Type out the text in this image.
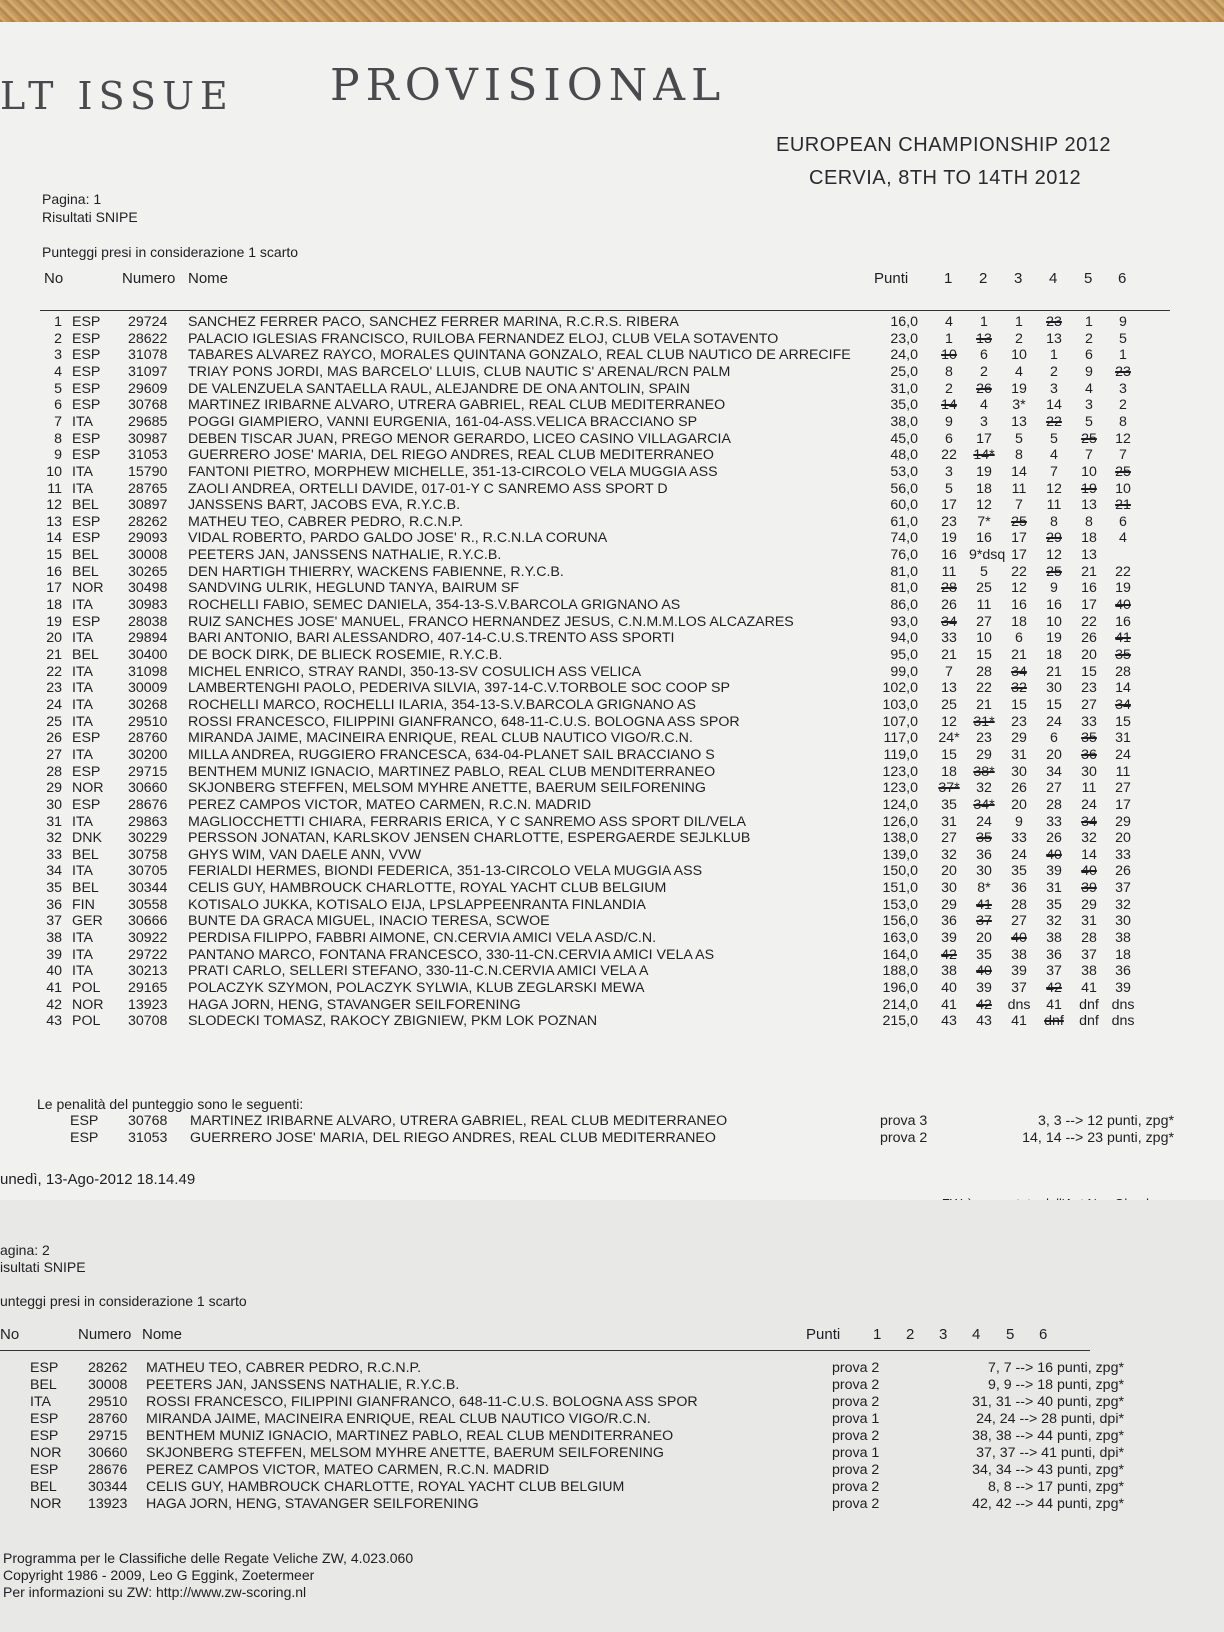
LT ISSUE PROVISIONAL
EUROPEAN CHAMPIONSHIP 2012
CERVIA, 8TH TO 14TH 2012
Pagina: 1
Risultati SNIPE
Punteggi presi in considerazione 1 scarto
No	Numero Nome	Punti 1 2 3 4 5 6
1 ESP 29724 SANCHEZ FERRER PACO, SANCHEZ FERRER MARINA, R.C.R.S. RIBERA	16,0	4	1	1	23	1	9
2 ESP 28622 PALACIO IGLESIAS FRANCISCO, RUILOBA FERNANDEZ ELOJ, CLUB VELA SOTAVENTO	23,0	1	13	2	13	2	5
3 ESP 31078 TABARES ALVAREZ RAYCO, MORALES QUINTANA GONZALO, REAL CLUB NAUTICO DE ARRECIFE	24,0	10	6	10	1	6	1
4 ESP 31097 TRIAY PONS JORDI, MAS BARCELO' LLUIS, CLUB NAUTIC S' ARENAL/RCN PALM	25,0	8	2	4	2	9	23
5 ESP 29609 DE VALENZUELA SANTAELLA RAUL, ALEJANDRE DE ONA ANTOLIN, SPAIN	31,0	2	26	19	3	4	3
6 ESP 30768 MARTINEZ IRIBARNE ALVARO, UTRERA GABRIEL, REAL CLUB MEDITERRANEO	35,0	14	4	3*	14	3	2
7 ITA 29685 POGGI GIAMPIERO, VANNI EURGENIA, 161-04-ASS.VELICA BRACCIANO SP	38,0	9	3	13	22	5	8
8 ESP 30987 DEBEN TISCAR JUAN, PREGO MENOR GERARDO, LICEO CASINO VILLAGARCIA	45,0	6	17	5	5	25	12
9 ESP 31053 GUERRERO JOSE' MARIA, DEL RIEGO ANDRES, REAL CLUB MEDITERRANEO	48,0	22	14*	8	4	7	7
10 ITA 15790 FANTONI PIETRO, MORPHEW MICHELLE, 351-13-CIRCOLO VELA MUGGIA ASS	53,0	3	19	14	7	10	25
11 ITA 28765 ZAOLI ANDREA, ORTELLI DAVIDE, 017-01-Y C SANREMO ASS SPORT D	56,0	5	18	11	12	19	10
12 BEL 30897 JANSSENS BART, JACOBS EVA, R.Y.C.B.	60,0	17	12	7	11	13	21
13 ESP 28262 MATHEU TEO, CABRER PEDRO, R.C.N.P.	61,0	23	7*	25	8	8	6
14 ESP 29093 VIDAL ROBERTO, PARDO GALDO JOSE' R., R.C.N.LA CORUNA	74,0	19	16	17	29	18	4
15 BEL 30008 PEETERS JAN, JANSSENS NATHALIE, R.Y.C.B.	76,0	16 9*dsq 17	12	13
16 BEL 30265 DEN HARTIGH THIERRY, WACKENS FABIENNE, R.Y.C.B.	81,0	11	5	22	25	21	22
17 NOR 30498 SANDVING ULRIK, HEGLUND TANYA, BAIRUM SF	81,0	28	25	12	9	16	19
18 ITA 30983 ROCHELLI FABIO, SEMEC DANIELA, 354-13-S.V.BARCOLA GRIGNANO AS	86,0	26	11	16	16	17	40
19 ESP 28038 RUIZ SANCHES JOSE' MANUEL, FRANCO HERNANDEZ JESUS, C.N.M.M.LOS ALCAZARES	93,0	34	27	18	10	22	16
20 ITA 29894 BARI ANTONIO, BARI ALESSANDRO, 407-14-C.U.S.TRENTO ASS SPORTI	94,0	33	10	6	19	26	41
21 BEL 30400 DE BOCK DIRK, DE BLIECK ROSEMIE, R.Y.C.B.	95,0	21	15	21	18	20	35
22 ITA 31098 MICHEL ENRICO, STRAY RANDI, 350-13-SV COSULICH ASS VELICA	99,0	7	28	34	21	15	28
23 ITA 30009 LAMBERTENGHI PAOLO, PEDERIVA SILVIA, 397-14-C.V.TORBOLE SOC COOP SP	102,0	13	22	32	30	23	14
24 ITA 30268 ROCHELLI MARCO, ROCHELLI ILARIA, 354-13-S.V.BARCOLA GRIGNANO AS	103,0	25	21	15	15	27	34
25 ITA 29510 ROSSI FRANCESCO, FILIPPINI GIANFRANCO, 648-11-C.U.S. BOLOGNA ASS SPOR	107,0	12	31*	23	24	33	15
26 ESP 28760 MIRANDA JAIME, MACINEIRA ENRIQUE, REAL CLUB NAUTICO VIGO/R.C.N.	117,0	24*	23	29	6	35	31
27 ITA 30200 MILLA ANDREA, RUGGIERO FRANCESCA, 634-04-PLANET SAIL BRACCIANO S	119,0	15	29	31	20	36	24
28 ESP 29715 BENTHEM MUNIZ IGNACIO, MARTINEZ PABLO, REAL CLUB MENDITERRANEO	123,0	18	38*	30	34	30	11
29 NOR 30660 SKJONBERG STEFFEN, MELSOM MYHRE ANETTE, BAERUM SEILFORENING	123,0	37*	32	26	27	11	27
30 ESP 28676 PEREZ CAMPOS VICTOR, MATEO CARMEN, R.C.N. MADRID	124,0	35	34*	20	28	24	17
31 ITA 29863 MAGLIOCCHETTI CHIARA, FERRARIS ERICA, Y C SANREMO ASS SPORT DIL/VELA	126,0	31	24	9	33	34	29
32 DNK 30229 PERSSON JONATAN, KARLSKOV JENSEN CHARLOTTE, ESPERGAERDE SEJLKLUB	138,0	27	35	33	26	32	20
33 BEL 30758 GHYS WIM, VAN DAELE ANN, VVW	139,0	32	36	24	40	14	33
34 ITA 30705 FERIALDI HERMES, BIONDI FEDERICA, 351-13-CIRCOLO VELA MUGGIA ASS	150,0	20	30	35	39	40	26
35 BEL 30344 CELIS GUY, HAMBROUCK CHARLOTTE, ROYAL YACHT CLUB BELGIUM	151,0	30	8*	36	31	39	37
36 FIN 30558 KOTISALO JUKKA, KOTISALO EIJA, LPSLAPPEENRANTA FINLANDIA	153,0	29	41	28	35	29	32
37 GER 30666 BUNTE DA GRACA MIGUEL, INACIO TERESA, SCWOE	156,0	36	37	27	32	31	30
38 ITA 30922 PERDISA FILIPPO, FABBRI AIMONE, CN.CERVIA AMICI VELA ASD/C.N.	163,0	39	20	40	38	28	38
39 ITA 29722 PANTANO MARCO, FONTANA FRANCESCO, 330-11-CN.CERVIA AMICI VELA AS	164,0	42	35	38	36	37	18
40 ITA 30213 PRATI CARLO, SELLERI STEFANO, 330-11-C.N.CERVIA AMICI VELA A	188,0	38	40	39	37	38	36
41 POL 29165 POLACZYK SZYMON, POLACZYK SYLWIA, KLUB ZEGLARSKI MEWA	196,0	40	39	37	42	41	39
42 NOR 13923 HAGA JORN, HENG, STAVANGER SEILFORENING	214,0	41	42	dns	41	dnf dns
43 POL 30708 SLODECKI TOMASZ, RAKOCY ZBIGNIEW, PKM LOK POZNAN	215,0	43	43	41	dnf	dnf dns
Le penalità del punteggio sono le seguenti:
ESP 30768 MARTINEZ IRIBARNE ALVARO, UTRERA GABRIEL, REAL CLUB MEDITERRANEO	prova 3	3, 3 --> 12 punti, zpg*
ESP 31053 GUERRERO JOSE' MARIA, DEL RIEGO ANDRES, REAL CLUB MEDITERRANEO	prova 2	14, 14 --> 23 punti, zpg*
unedì, 13-Ago-2012 18.14.49
agina: 2
isultati SNIPE
unteggi presi in considerazione 1 scarto
No	Numero Nome	Punti 1 2 3 4 5 6
ESP 28262 MATHEU TEO, CABRER PEDRO, R.C.N.P.	prova 2	7, 7 --> 16 punti, zpg*
BEL 30008 PEETERS JAN, JANSSENS NATHALIE, R.Y.C.B.	prova 2	9, 9 --> 18 punti, zpg*
ITA	29510 ROSSI FRANCESCO, FILIPPINI GIANFRANCO, 648-11-C.U.S. BOLOGNA ASS SPOR	prova 2	31, 31 --> 40 punti, zpg*
ESP 28760 MIRANDA JAIME, MACINEIRA ENRIQUE, REAL CLUB NAUTICO VIGO/R.C.N.	prova 1	24, 24 --> 28 punti, dpi*
ESP 29715 BENTHEM MUNIZ IGNACIO, MARTINEZ PABLO, REAL CLUB MENDITERRANEO	prova 2	38, 38 --> 44 punti, zpg*
NOR 30660 SKJONBERG STEFFEN, MELSOM MYHRE ANETTE, BAERUM SEILFORENING	prova 1	37, 37 --> 41 punti, dpi*
ESP 28676 PEREZ CAMPOS VICTOR, MATEO CARMEN, R.C.N. MADRID	prova 2	34, 34 --> 43 punti, zpg*
BEL 30344 CELIS GUY, HAMBROUCK CHARLOTTE, ROYAL YACHT CLUB BELGIUM	prova 2	8, 8 --> 17 punti, zpg*
NOR 13923 HAGA JORN, HENG, STAVANGER SEILFORENING	prova 2	42, 42 --> 44 punti, zpg*
Programma per le Classifiche delle Regate Veliche ZW, 4.023.060
Copyright 1986 - 2009, Leo G Eggink, Zoetermeer
Per informazioni su ZW: http://www.zw-scoring.nl
